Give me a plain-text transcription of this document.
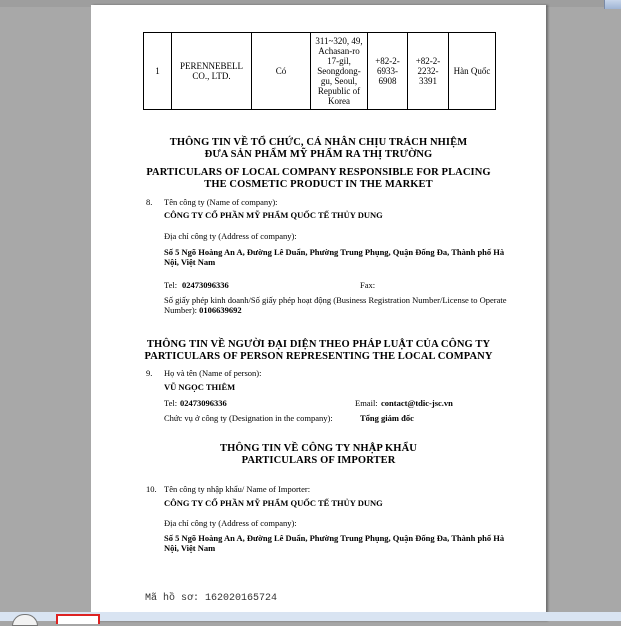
1	PERENNEBELL CO., LTD.	Có	311~320, 49, Achasan-ro 17-gil, Seongdong-gu, Seoul, Republic of Korea	+82-2-6933-6908	+82-2-2232-3391	Hàn Quốc
THÔNG TIN VỀ TỔ CHỨC, CÁ NHÂN CHỊU TRÁCH NHIỆM
ĐƯA SẢN PHẨM MỸ PHẨM RA THỊ TRƯỜNG
PARTICULARS OF LOCAL COMPANY RESPONSIBLE FOR PLACING
THE COSMETIC PRODUCT IN THE MARKET
8. Tên công ty (Name of company):
CÔNG TY CỔ PHẦN MỸ PHẨM QUỐC TẾ THỦY DUNG
Địa chỉ công ty (Address of company):
Số 5 Ngõ Hoàng An A, Đường Lê Duẩn, Phường Trung Phụng, Quận Đống Đa, Thành phố Hà Nội, Việt Nam
Tel: 02473096336	Fax:
Số giấy phép kinh doanh/Số giấy phép hoạt động (Business Registration Number/License to Operate Number): 0106639692
THÔNG TIN VỀ NGƯỜI ĐẠI DIỆN THEO PHÁP LUẬT CỦA CÔNG TY
PARTICULARS OF PERSON REPRESENTING THE LOCAL COMPANY
9. Họ và tên (Name of person):
VŨ NGỌC THIÊM
Tel: 02473096336	Email: contact@tdic-jsc.vn
Chức vụ ở công ty (Designation in the company):	Tổng giám đốc
THÔNG TIN VỀ CÔNG TY NHẬP KHẨU
PARTICULARS OF IMPORTER
10. Tên công ty nhập khẩu/ Name of Importer:
CÔNG TY CỔ PHẦN MỸ PHẨM QUỐC TẾ THỦY DUNG
Địa chỉ công ty (Address of company):
Số 5 Ngõ Hoàng An A, Đường Lê Duẩn, Phường Trung Phụng, Quận Đống Đa, Thành phố Hà Nội, Việt Nam
Mã hồ sơ: 162020165724
